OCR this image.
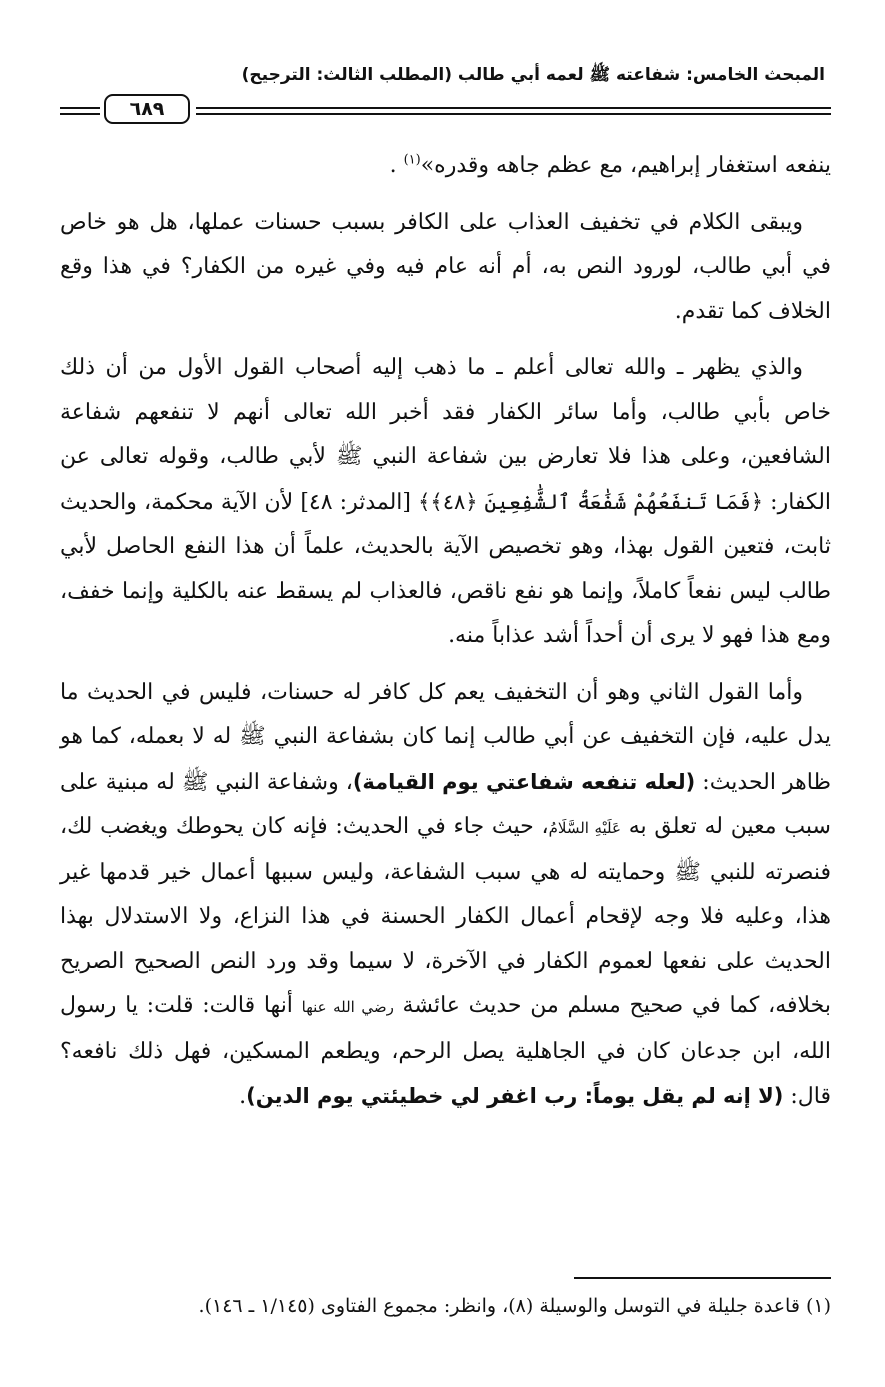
المبحث الخامس: شفاعته ﷺ لعمه أبي طالب (المطلب الثالث: الترجيح)
٦٨٩

ينفعه استغفار إبراهيم، مع عظم جاهه وقدره»$^{(١)}$ .

ويبقى الكلام في تخفيف العذاب على الكافر بسبب حسنات عملها، هل هو خاص في أبي طالب، لورود النص به، أم أنه عام فيه وفي غيره من الكفار؟ في هذا وقع الخلاف كما تقدم.

والذي يظهر ـ والله تعالى أعلم ـ ما ذهب إليه أصحاب القول الأول من أن ذلك خاص بأبي طالب، وأما سائر الكفار فقد أخبر الله تعالى أنهم لا تنفعهم شفاعة الشافعين، وعلى هذا فلا تعارض بين شفاعة النبي ﷺ لأبي طالب، وقوله تعالى عن الكفار: ﴿فَمَا تَنفَعُهُمْ شَفَٰعَةُ ٱلشَّٰفِعِينَ ﴿٤٨﴾﴾ [المدثر: ٤٨] لأن الآية محكمة، والحديث ثابت، فتعين القول بهذا، وهو تخصيص الآية بالحديث، علماً أن هذا النفع الحاصل لأبي طالب ليس نفعاً كاملاً، وإنما هو نفع ناقص، فالعذاب لم يسقط عنه بالكلية وإنما خفف، ومع هذا فهو لا يرى أن أحداً أشد عذاباً منه.

وأما القول الثاني وهو أن التخفيف يعم كل كافر له حسنات، فليس في الحديث ما يدل عليه، فإن التخفيف عن أبي طالب إنما كان بشفاعة النبي ﷺ له لا بعمله، كما هو ظاهر الحديث: (لعله تنفعه شفاعتي يوم القيامة)، وشفاعة النبي ﷺ له مبنية على سبب معين له تعلق به عَلَيْهِ السَّلَامُ، حيث جاء في الحديث: فإنه كان يحوطك ويغضب لك، فنصرته للنبي ﷺ وحمايته له هي سبب الشفاعة، وليس سببها أعمال خير قدمها غير هذا، وعليه فلا وجه لإقحام أعمال الكفار الحسنة في هذا النزاع، ولا الاستدلال بهذا الحديث على نفعها لعموم الكفار في الآخرة، لا سيما وقد ورد النص الصحيح الصريح بخلافه، كما في صحيح مسلم من حديث عائشة رضي الله عنها أنها قالت: قلت: يا رسول الله، ابن جدعان كان في الجاهلية يصل الرحم، ويطعم المسكين، فهل ذلك نافعه؟ قال: (لا إنه لم يقل يوماً: رب اغفر لي خطيئتي يوم الدين).

(١) قاعدة جليلة في التوسل والوسيلة (٨)، وانظر: مجموع الفتاوى (١/١٤٥ ـ ١٤٦).
